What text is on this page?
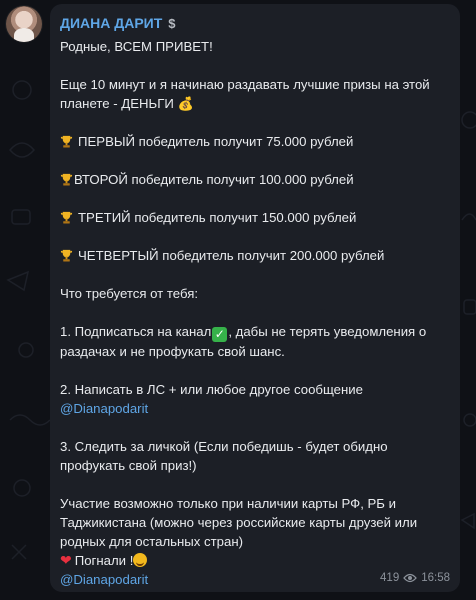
ДИАНА ДАРИТ $
Родные, ВСЕМ ПРИВЕТ!
Еще 10 минут и я начинаю раздавать лучшие призы на этой планете - ДЕНЬГИ 💰
ПЕРВЫЙ победитель получит 75.000 рублей
ВТОРОЙ победитель получит 100.000 рублей
ТРЕТИЙ победитель получит 150.000 рублей
ЧЕТВЕРТЫЙ победитель получит 200.000 рублей
Что требуется от тебя:
1. Подписаться на канал ✓ , дабы не терять уведомления о раздачах и не профукать свой шанс.
2. Написать в ЛС + или любое другое сообщение @Dianapodarit
3. Следить за личкой (Если победишь - будет обидно профукать свой приз!)
Участие возможно только при наличии карты РФ, РБ и Таджикистана (можно через российские карты друзей или родных для остальных стран)
❤ Погнали !
@Dianapodarit	419 16:58
